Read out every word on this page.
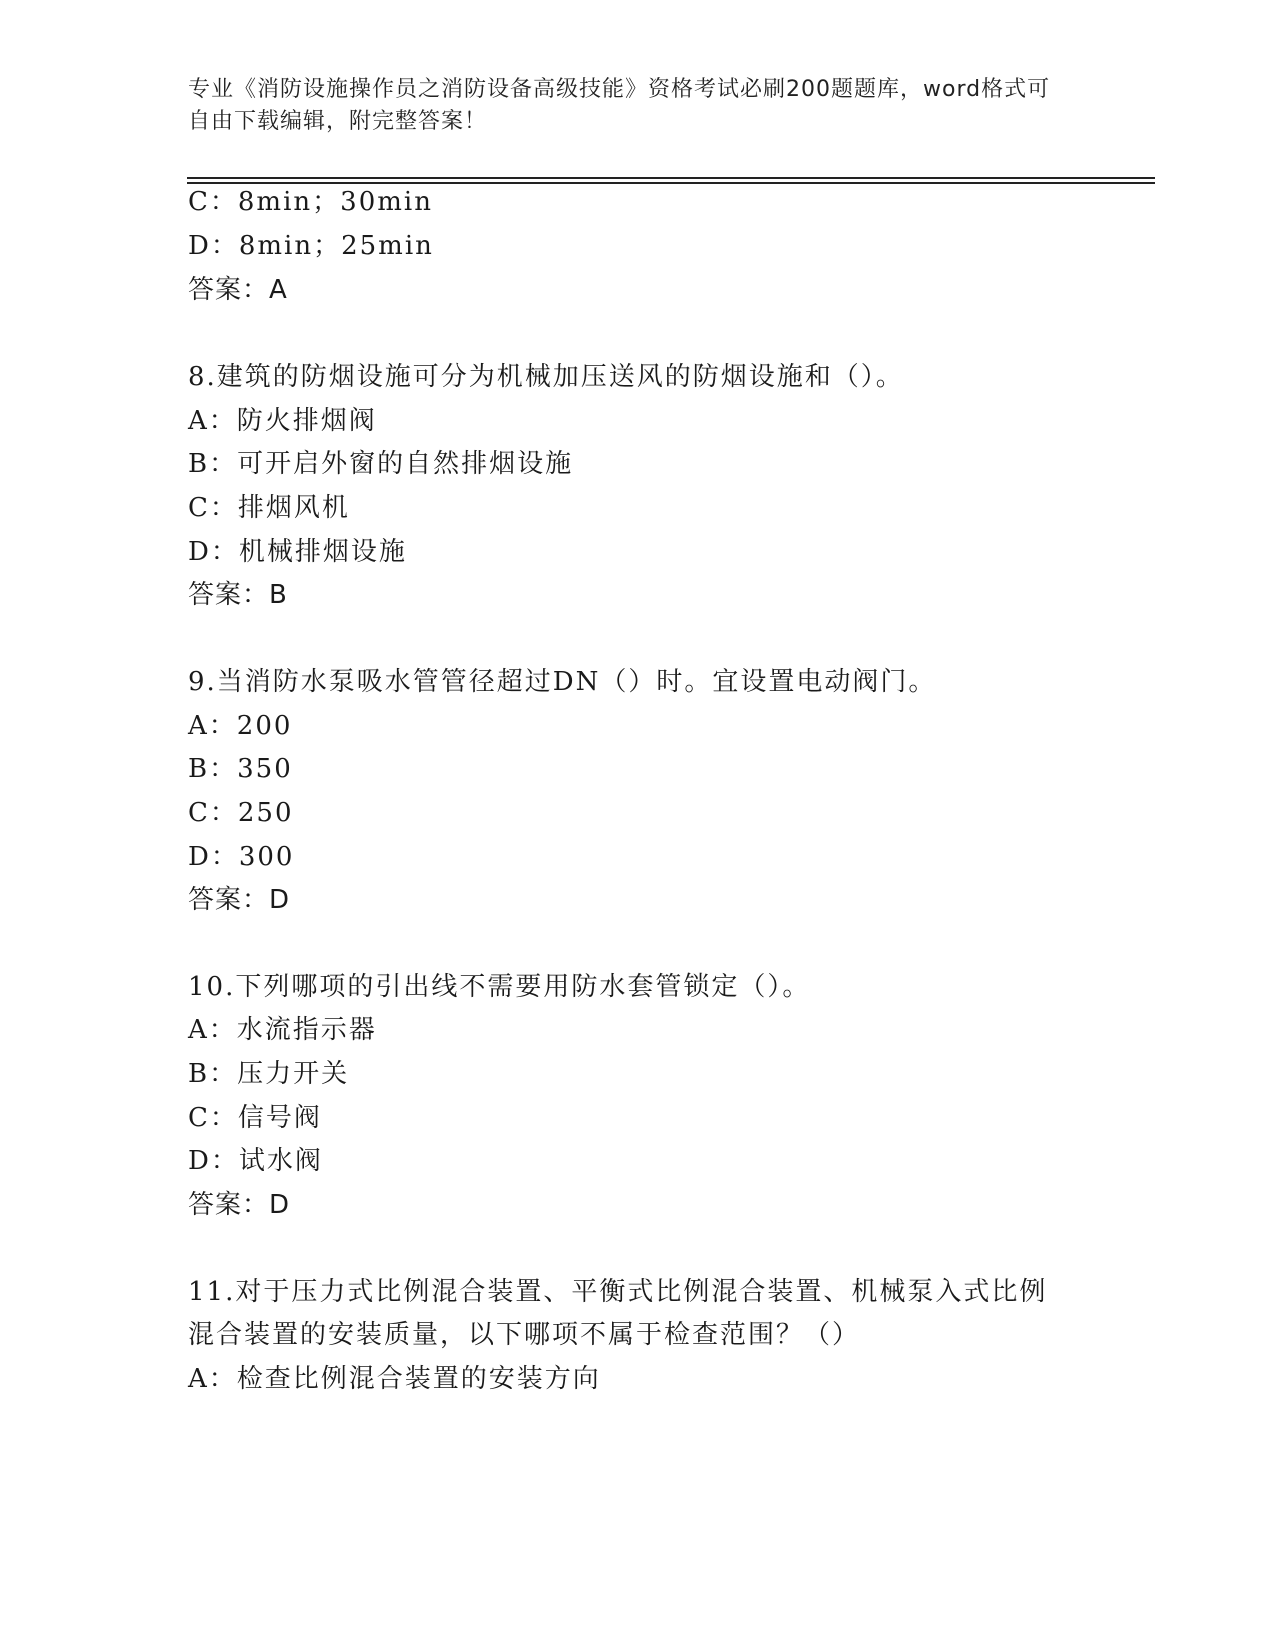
专业《消防设施操作员之消防设备高级技能》资格考试必刷200题题库，word格式可自由下载编辑，附完整答案！
C：8min；30min
D：8min；25min
答案：A
8.建筑的防烟设施可分为机械加压送风的防烟设施和（）。
A：防火排烟阀
B：可开启外窗的自然排烟设施
C：排烟风机
D：机械排烟设施
答案：B
9.当消防水泵吸水管管径超过DN（）时。宜设置电动阀门。
A：200
B：350
C：250
D：300
答案：D
10.下列哪项的引出线不需要用防水套管锁定（）。
A：水流指示器
B：压力开关
C：信号阀
D：试水阀
答案：D
11.对于压力式比例混合装置、平衡式比例混合装置、机械泵入式比例
混合装置的安装质量，以下哪项不属于检查范围？（）
A：检查比例混合装置的安装方向
